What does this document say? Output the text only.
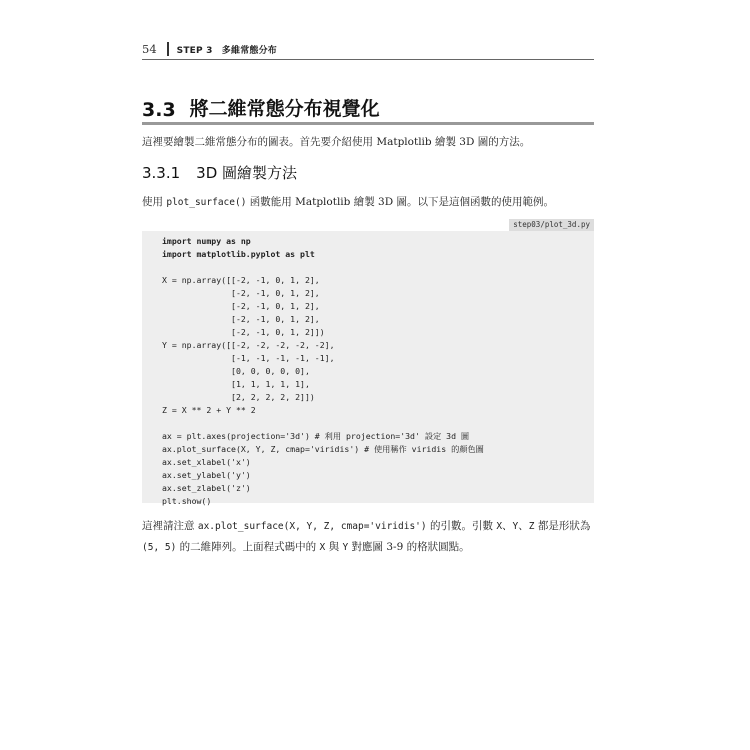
54 STEP 3　多維常態分布
3.3 將二維常態分布視覺化
這裡要繪製二維常態分布的圖表。首先要介紹使用 Matplotlib 繪製 3D 圖的方法。
3.3.1 3D 圖繪製方法
使用 plot_surface() 函數能用 Matplotlib 繪製 3D 圖。以下是這個函數的使用範例。
step03/plot_3d.py
import numpy as np
import matplotlib.pyplot as plt
X = np.array([[-2, -1, 0, 1, 2],
[-2, -1, 0, 1, 2],
[-2, -1, 0, 1, 2],
[-2, -1, 0, 1, 2],
[-2, -1, 0, 1, 2]])
Y = np.array([[-2, -2, -2, -2, -2],
[-1, -1, -1, -1, -1],
[0, 0, 0, 0, 0],
[1, 1, 1, 1, 1],
[2, 2, 2, 2, 2]])
Z = X ** 2 + Y ** 2
ax = plt.axes(projection='3d') # 利用 projection='3d' 設定 3d 圖
ax.plot_surface(X, Y, Z, cmap='viridis') # 使用稱作 viridis 的顏色圖
ax.set_xlabel('x')
ax.set_ylabel('y')
ax.set_zlabel('z')
plt.show()
這裡請注意 ax.plot_surface(X, Y, Z, cmap='viridis') 的引數。引數 X、Y、Z 都是形狀為 (5, 5) 的二維陣列。上面程式碼中的 X 與 Y 對應圖 3-9 的格狀圓點。
